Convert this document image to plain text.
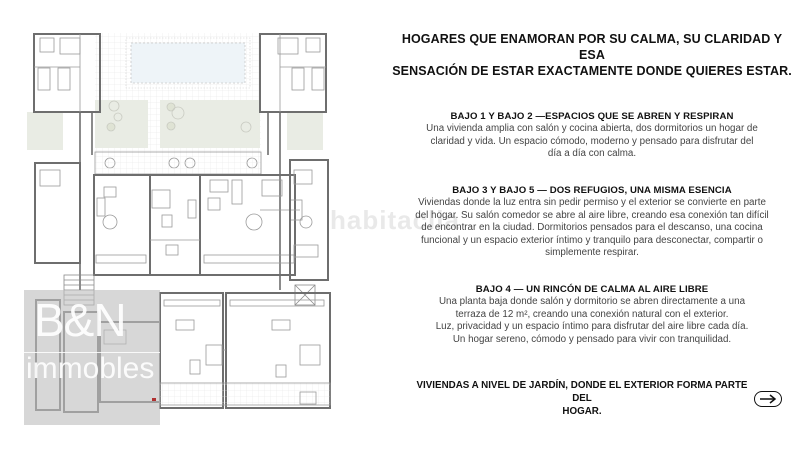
habitaclia
B&N
immobles
HOGARES QUE ENAMORAN POR SU CALMA, SU CLARIDAD Y ESA
SENSACIÓN DE ESTAR EXACTAMENTE DONDE QUIERES ESTAR.
BAJO 1 Y BAJO 2 —ESPACIOS QUE SE ABREN Y RESPIRAN

Una vivienda amplia con salón y cocina abierta, dos dormitorios un hogar de
claridad y vida. Un espacio cómodo, moderno y pensado para disfrutar del
día a día con calma.

BAJO 3 Y BAJO 5 — DOS REFUGIOS, UNA MISMA ESENCIA

Viviendas donde la luz entra sin pedir permiso y el exterior se convierte en parte
del hogar. Su salón comedor se abre al aire libre, creando esa conexión tan difícil
de encontrar en la ciudad. Dormitorios pensados para el descanso, una cocina
funcional y un espacio exterior íntimo y tranquilo para desconectar, compartir o
simplemente respirar.

BAJO 4 — UN RINCÓN DE CALMA AL AIRE LIBRE

Una planta baja donde salón y dormitorio se abren directamente a una
terraza de 12 m², creando una conexión natural con el exterior.
Luz, privacidad y un espacio íntimo para disfrutar del aire libre cada día.
Un hogar sereno, cómodo y pensado para vivir con tranquilidad.

VIVIENDAS A NIVEL DE JARDÍN, DONDE EL EXTERIOR FORMA PARTE DEL
HOGAR.
